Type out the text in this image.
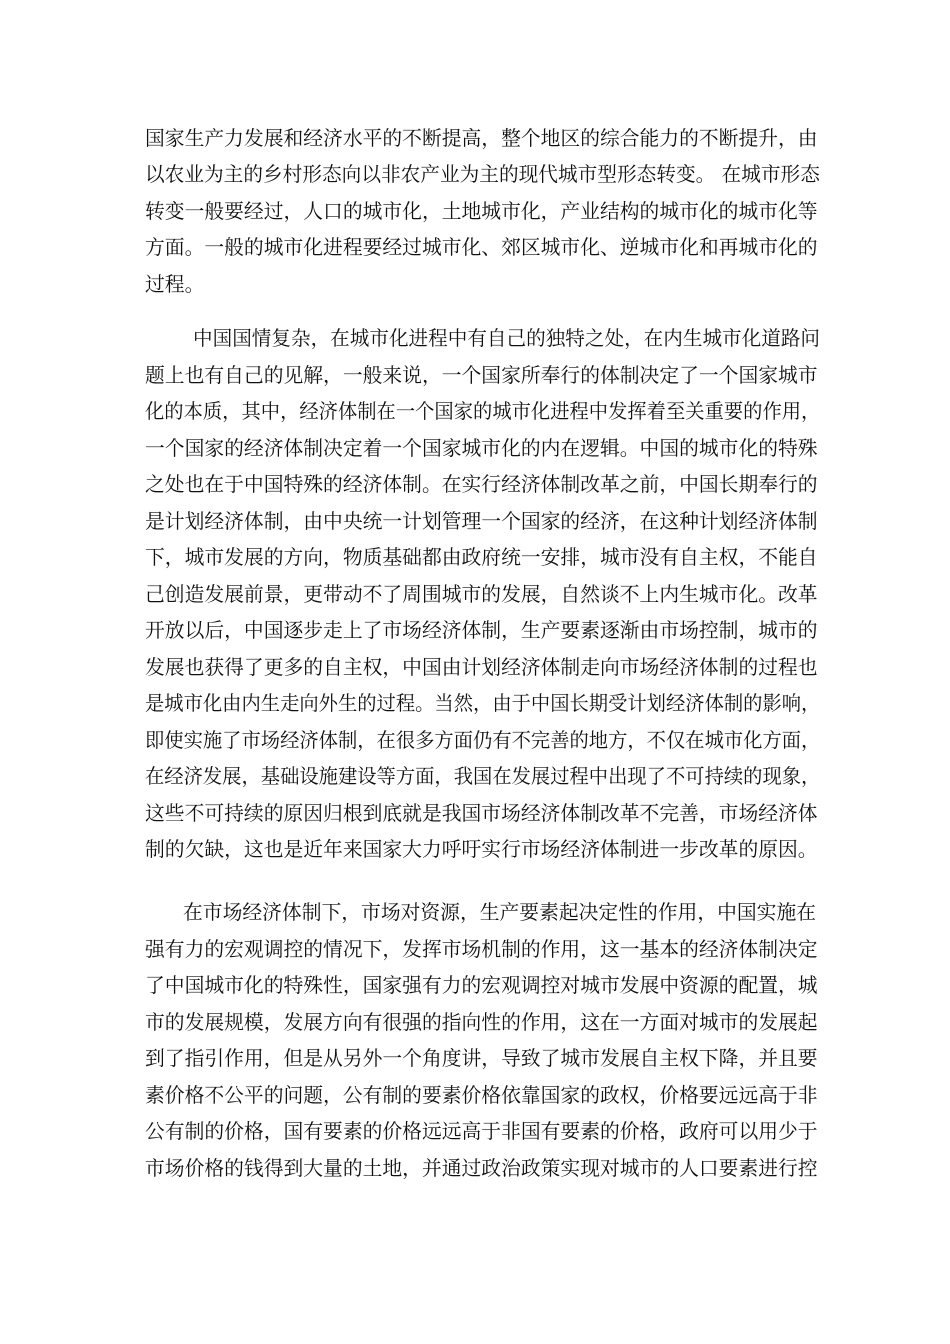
国家生产力发展和经济水平的不断提高，整个地区的综合能力的不断提升，由
以农业为主的乡村形态向以非农产业为主的现代城市型形态转变。 在城市形态
转变一般要经过，人口的城市化，土地城市化，产业结构的城市化的城市化等
方面。一般的城市化进程要经过城市化、郊区城市化、逆城市化和再城市化的
过程。
中国国情复杂，在城市化进程中有自己的独特之处，在内生城市化道路问
题上也有自己的见解，一般来说，一个国家所奉行的体制决定了一个国家城市
化的本质，其中，经济体制在一个国家的城市化进程中发挥着至关重要的作用，
一个国家的经济体制决定着一个国家城市化的内在逻辑。中国的城市化的特殊
之处也在于中国特殊的经济体制。在实行经济体制改革之前，中国长期奉行的
是计划经济体制，由中央统一计划管理一个国家的经济，在这种计划经济体制
下，城市发展的方向，物质基础都由政府统一安排，城市没有自主权，不能自
己创造发展前景，更带动不了周围城市的发展，自然谈不上内生城市化。改革
开放以后，中国逐步走上了市场经济体制，生产要素逐渐由市场控制，城市的
发展也获得了更多的自主权，中国由计划经济体制走向市场经济体制的过程也
是城市化由内生走向外生的过程。当然，由于中国长期受计划经济体制的影响，
即使实施了市场经济体制，在很多方面仍有不完善的地方，不仅在城市化方面，
在经济发展，基础设施建设等方面，我国在发展过程中出现了不可持续的现象，
这些不可持续的原因归根到底就是我国市场经济体制改革不完善，市场经济体
制的欠缺，这也是近年来国家大力呼吁实行市场经济体制进一步改革的原因。
在市场经济体制下，市场对资源，生产要素起决定性的作用，中国实施在
强有力的宏观调控的情况下，发挥市场机制的作用，这一基本的经济体制决定
了中国城市化的特殊性，国家强有力的宏观调控对城市发展中资源的配置，城
市的发展规模，发展方向有很强的指向性的作用，这在一方面对城市的发展起
到了指引作用，但是从另外一个角度讲，导致了城市发展自主权下降，并且要
素价格不公平的问题，公有制的要素价格依靠国家的政权，价格要远远高于非
公有制的价格，国有要素的价格远远高于非国有要素的价格，政府可以用少于
市场价格的钱得到大量的土地，并通过政治政策实现对城市的人口要素进行控
